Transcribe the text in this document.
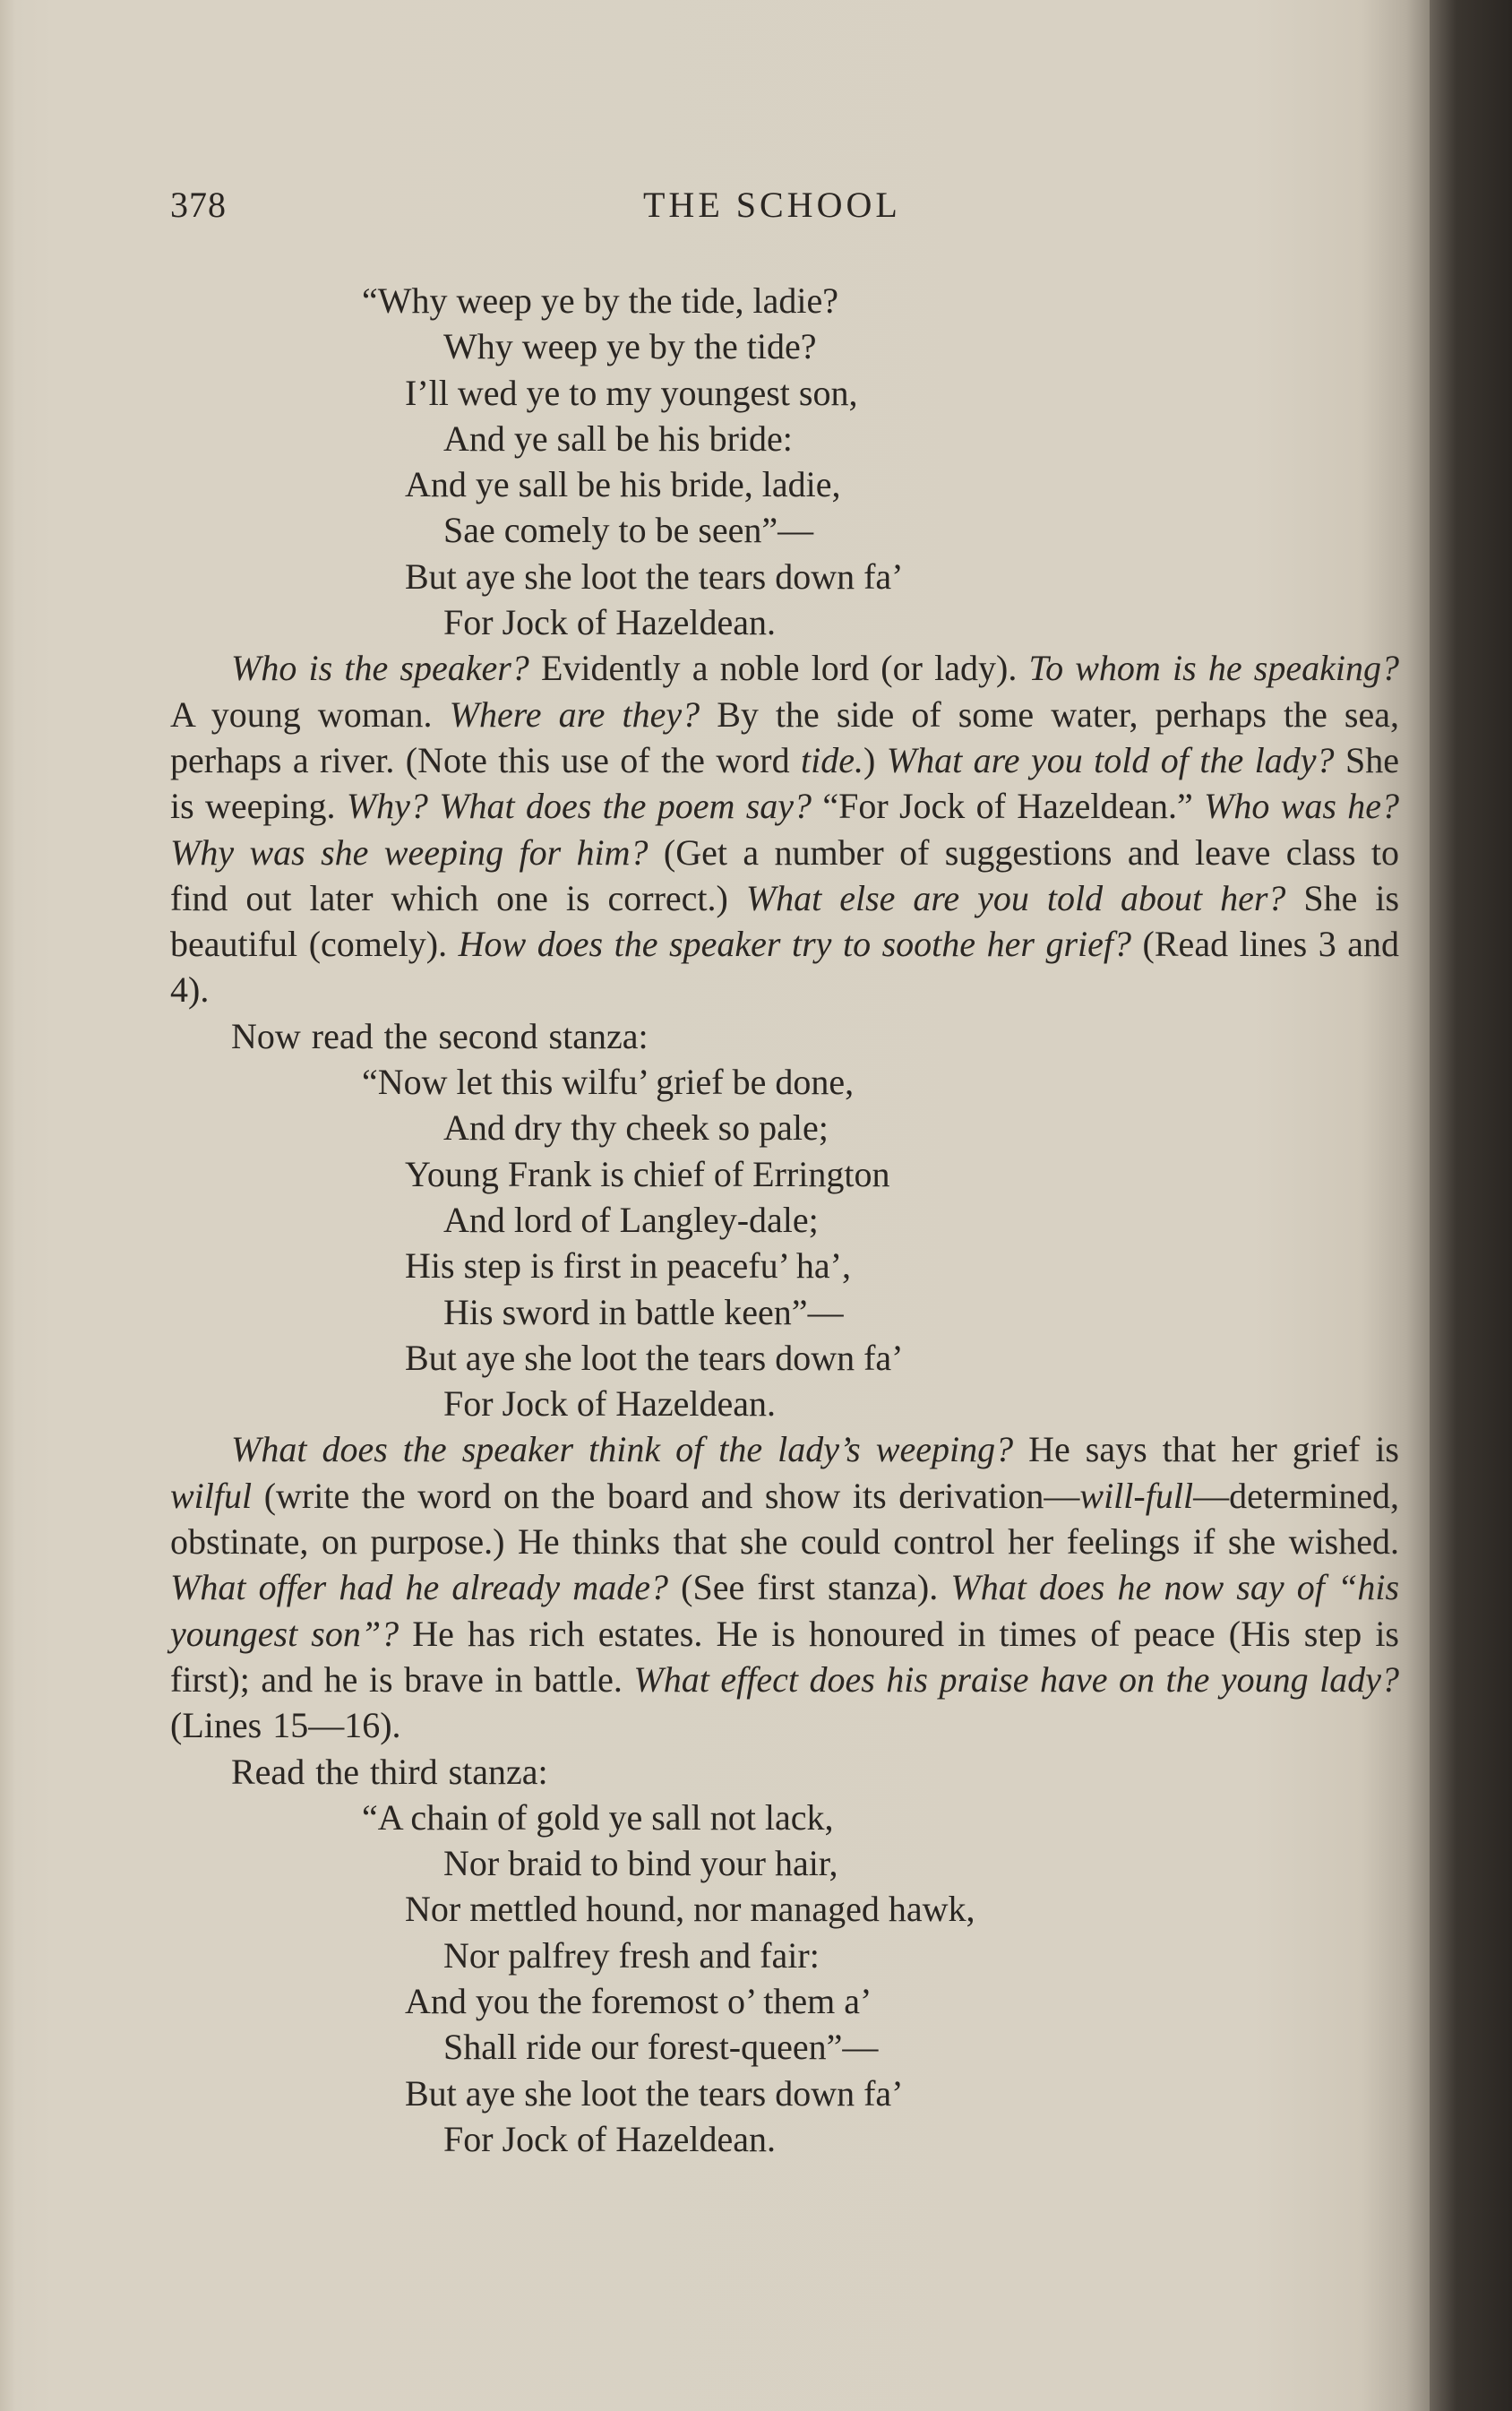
378	THE SCHOOL
“Why weep ye by the tide, ladie?
Why weep ye by the tide?
I’ll wed ye to my youngest son,
And ye sall be his bride:
And ye sall be his bride, ladie,
Sae comely to be seen”—
But aye she loot the tears down fa’
For Jock of Hazeldean.

Who is the speaker? Evidently a noble lord (or lady). To whom is he speaking? A young woman. Where are they? By the side of some water, perhaps the sea, perhaps a river. (Note this use of the word tide.) What are you told of the lady? She is weeping. Why? What does the poem say? “For Jock of Hazeldean.” Who was he? Why was she weeping for him? (Get a number of suggestions and leave class to find out later which one is correct.) What else are you told about her? She is beautiful (comely). How does the speaker try to soothe her grief? (Read lines 3 and 4).

Now read the second stanza:
“Now let this wilfu’ grief be done,
And dry thy cheek so pale;
Young Frank is chief of Errington
And lord of Langley-dale;
His step is first in peacefu’ ha’,
His sword in battle keen”—
But aye she loot the tears down fa’
For Jock of Hazeldean.

What does the speaker think of the lady’s weeping? He says that her grief is wilful (write the word on the board and show its derivation—will-full—determined, obstinate, on purpose.) He thinks that she could control her feelings if she wished. What offer had he already made? (See first stanza). What does he now say of “his youngest son”? He has rich estates. He is honoured in times of peace (His step is first); and he is brave in battle. What effect does his praise have on the young lady? (Lines 15—16).

Read the third stanza:
“A chain of gold ye sall not lack,
Nor braid to bind your hair,
Nor mettled hound, nor managed hawk,
Nor palfrey fresh and fair:
And you the foremost o’ them a’
Shall ride our forest-queen”—
But aye she loot the tears down fa’
For Jock of Hazeldean.
